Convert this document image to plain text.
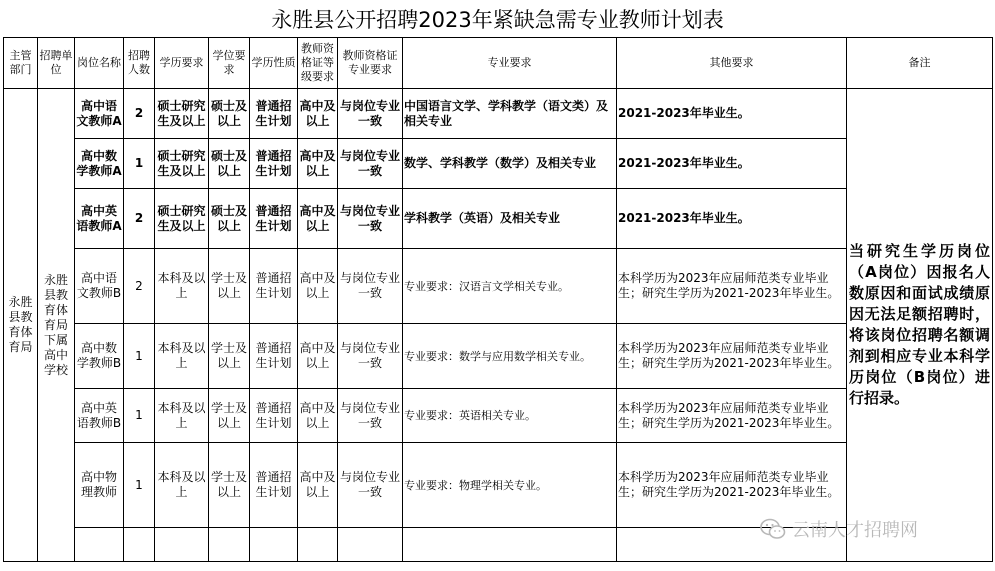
永胜县公开招聘2023年紧缺急需专业教师计划表
主管部门	招聘单位	岗位名称	招聘人数	学历要求	学位要求	学历性质	教师资格证等级要求	教师资格证专业要求	专业要求	其他要求	备注
永胜县教育体育局	永胜县教育体育局下属高中学校	高中语文教师A	2	硕士研究生及以上	硕士及以上	普通招生计划	高中及以上	与岗位专业一致	中国语言文学、学科教学（语文类）及相关专业	2021-2023年毕业生。	当研究生学历岗位（A岗位）因报名人数原因和面试成绩原因无法足额招聘时，将该岗位招聘名额调剂到相应专业本科学历岗位（B岗位）进行招录。
		高中数学教师A	1	硕士研究生及以上	硕士及以上	普通招生计划	高中及以上	与岗位专业一致	数学、学科教学（数学）及相关专业	2021-2023年毕业生。	
		高中英语教师A	2	硕士研究生及以上	硕士及以上	普通招生计划	高中及以上	与岗位专业一致	学科教学（英语）及相关专业	2021-2023年毕业生。	
		高中语文教师B	2	本科及以上	学士及以上	普通招生计划	高中及以上	与岗位专业一致	专业要求：汉语言文学相关专业。	本科学历为2023年应届师范类专业毕业生；研究生学历为2021-2023年毕业生。	
		高中数学教师B	1	本科及以上	学士及以上	普通招生计划	高中及以上	与岗位专业一致	专业要求：数学与应用数学相关专业。	本科学历为2023年应届师范类专业毕业生；研究生学历为2021-2023年毕业生。	
		高中英语教师B	1	本科及以上	学士及以上	普通招生计划	高中及以上	与岗位专业一致	专业要求：英语相关专业。	本科学历为2023年应届师范类专业毕业生；研究生学历为2021-2023年毕业生。	
		高中物理教师	1	本科及以上	学士及以上	普通招生计划	高中及以上	与岗位专业一致	专业要求：物理学相关专业。	本科学历为2023年应届师范类专业毕业生；研究生学历为2021-2023年毕业生。	

云南人才招聘网
